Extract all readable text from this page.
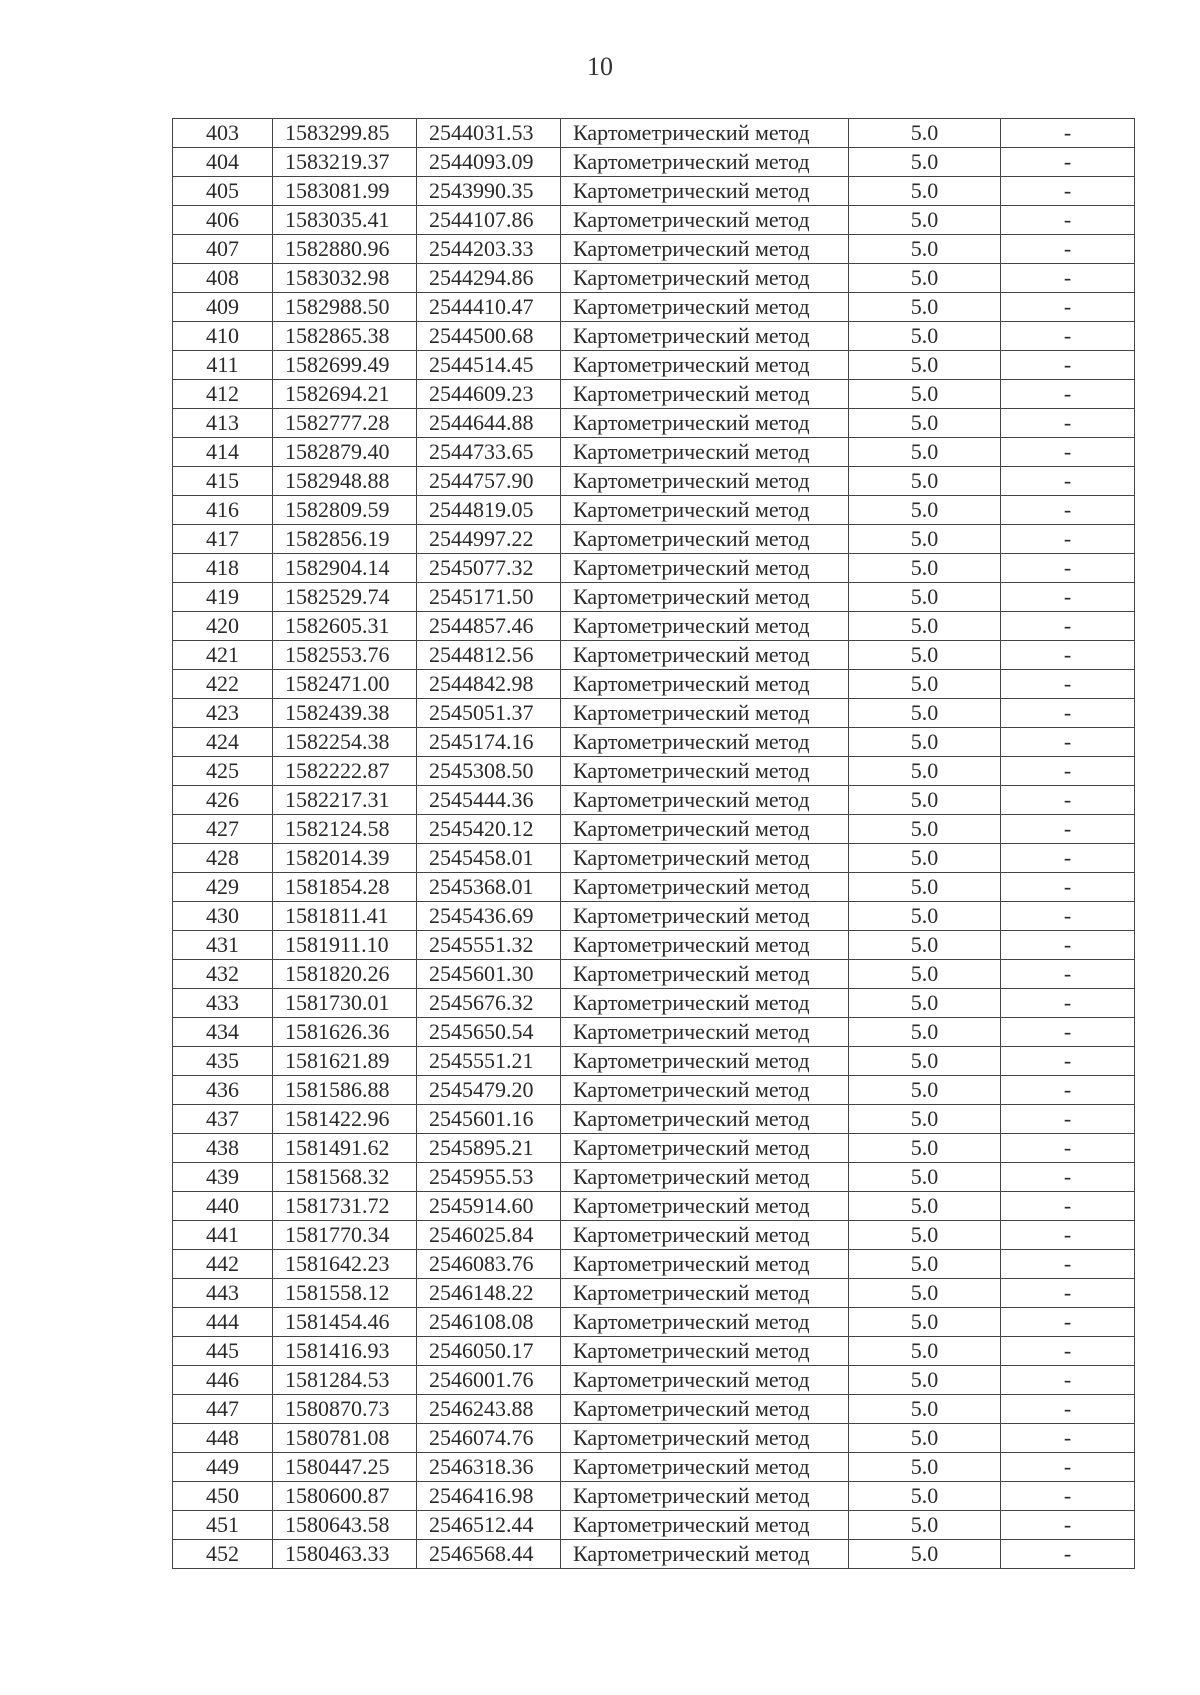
10
403	1583299.85	2544031.53	Картометрический метод	5.0	-
404	1583219.37	2544093.09	Картометрический метод	5.0	-
405	1583081.99	2543990.35	Картометрический метод	5.0	-
406	1583035.41	2544107.86	Картометрический метод	5.0	-
407	1582880.96	2544203.33	Картометрический метод	5.0	-
408	1583032.98	2544294.86	Картометрический метод	5.0	-
409	1582988.50	2544410.47	Картометрический метод	5.0	-
410	1582865.38	2544500.68	Картометрический метод	5.0	-
411	1582699.49	2544514.45	Картометрический метод	5.0	-
412	1582694.21	2544609.23	Картометрический метод	5.0	-
413	1582777.28	2544644.88	Картометрический метод	5.0	-
414	1582879.40	2544733.65	Картометрический метод	5.0	-
415	1582948.88	2544757.90	Картометрический метод	5.0	-
416	1582809.59	2544819.05	Картометрический метод	5.0	-
417	1582856.19	2544997.22	Картометрический метод	5.0	-
418	1582904.14	2545077.32	Картометрический метод	5.0	-
419	1582529.74	2545171.50	Картометрический метод	5.0	-
420	1582605.31	2544857.46	Картометрический метод	5.0	-
421	1582553.76	2544812.56	Картометрический метод	5.0	-
422	1582471.00	2544842.98	Картометрический метод	5.0	-
423	1582439.38	2545051.37	Картометрический метод	5.0	-
424	1582254.38	2545174.16	Картометрический метод	5.0	-
425	1582222.87	2545308.50	Картометрический метод	5.0	-
426	1582217.31	2545444.36	Картометрический метод	5.0	-
427	1582124.58	2545420.12	Картометрический метод	5.0	-
428	1582014.39	2545458.01	Картометрический метод	5.0	-
429	1581854.28	2545368.01	Картометрический метод	5.0	-
430	1581811.41	2545436.69	Картометрический метод	5.0	-
431	1581911.10	2545551.32	Картометрический метод	5.0	-
432	1581820.26	2545601.30	Картометрический метод	5.0	-
433	1581730.01	2545676.32	Картометрический метод	5.0	-
434	1581626.36	2545650.54	Картометрический метод	5.0	-
435	1581621.89	2545551.21	Картометрический метод	5.0	-
436	1581586.88	2545479.20	Картометрический метод	5.0	-
437	1581422.96	2545601.16	Картометрический метод	5.0	-
438	1581491.62	2545895.21	Картометрический метод	5.0	-
439	1581568.32	2545955.53	Картометрический метод	5.0	-
440	1581731.72	2545914.60	Картометрический метод	5.0	-
441	1581770.34	2546025.84	Картометрический метод	5.0	-
442	1581642.23	2546083.76	Картометрический метод	5.0	-
443	1581558.12	2546148.22	Картометрический метод	5.0	-
444	1581454.46	2546108.08	Картометрический метод	5.0	-
445	1581416.93	2546050.17	Картометрический метод	5.0	-
446	1581284.53	2546001.76	Картометрический метод	5.0	-
447	1580870.73	2546243.88	Картометрический метод	5.0	-
448	1580781.08	2546074.76	Картометрический метод	5.0	-
449	1580447.25	2546318.36	Картометрический метод	5.0	-
450	1580600.87	2546416.98	Картометрический метод	5.0	-
451	1580643.58	2546512.44	Картометрический метод	5.0	-
452	1580463.33	2546568.44	Картометрический метод	5.0	-
